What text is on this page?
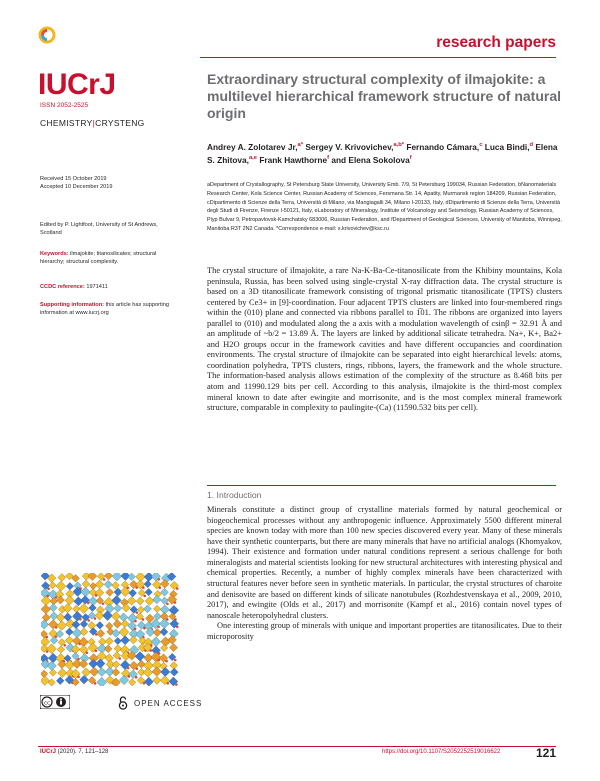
research papers
IUCrJ
ISSN 2052-2525
CHEMISTRY|CRYSTENG
Extraordinary structural complexity of ilmajokite: a multilevel hierarchical framework structure of natural origin
Andrey A. Zolotarev Jr,$^{a*}$ Sergey V. Krivovichev,$^{a,b*}$ Fernando Cámara,$^c$ Luca Bindi,$^d$ Elena S. Zhitova,$^{a,e}$ Frank Hawthorne$^f$ and Elena Sokolova$^f$
aDepartment of Crystallography, St Petersburg State University, University Emb. 7/9, St Petersburg 199034, Russian Federation, bNanomaterials Research Center, Kola Science Center, Russian Academy of Sciences, Fersmana Str. 14, Apatity, Murmansk region 184209, Russian Federation, cDipartimento di Scienze della Terra, Università di Milano, via Mangiagalli 34, Milano I-20133, Italy, dDipartimento di Scienze della Terra, Università degli Studi di Firenze, Firenze I-50121, Italy, eLaboratory of Mineralogy, Institute of Volcanology and Seismology, Russian Academy of Sciences, Piyp Bulvar 9, Petropavlovsk-Kamchatsky 683006, Russian Federation, and fDepartment of Geological Sciences, University of Manitoba, Winnipeg, Manitoba R3T 2N2 Canada. *Correspondence e-mail: s.krivovichev@ksc.ru
Received 15 October 2019
Accepted 10 December 2019
Edited by P. Lightfoot, University of St Andrews, Scotland
Keywords: ilmajokite; titanosilicates; structural hierarchy; structural complexity.
CCDC reference: 1971411
Supporting information: this article has supporting information at www.iucrj.org

The crystal structure of ilmajokite, a rare Na-K-Ba-Ce-titanosilicate from the Khibiny mountains, Kola peninsula, Russia, has been solved using single-crystal X-ray diffraction data. The crystal structure is based on a 3D titanosilicate framework consisting of trigonal prismatic titanosilicate (TPTS) clusters centered by Ce3+ in [9]-coordination. Four adjacent TPTS clusters are linked into four-membered rings within the (010) plane and connected via ribbons parallel to 1̅01. The ribbons are organized into layers parallel to (010) and modulated along the a axis with a modulation wavelength of csinβ = 32.91 Å and an amplitude of ~b/2 = 13.89 Å. The layers are linked by additional silicate tetrahedra. Na+, K+, Ba2+ and H2O groups occur in the framework cavities and have different occupancies and coordination environments. The crystal structure of ilmajokite can be separated into eight hierarchical levels: atoms, coordination polyhedra, TPTS clusters, rings, ribbons, layers, the framework and the whole structure. The information-based analysis allows estimation of the complexity of the structure as 8.468 bits per atom and 11990.129 bits per cell. According to this analysis, ilmajokite is the third-most complex mineral known to date after ewingite and morrisonite, and is the most complex mineral framework structure, comparable in complexity to paulingite-(Ca) (11590.532 bits per cell).

1. Introduction

Minerals constitute a distinct group of crystalline materials formed by natural geochemical or biogeochemical processes without any anthropogenic influence. Approximately 5500 different mineral species are known today with more than 100 new species discovered every year. Many of these minerals have their synthetic counterparts, but there are many minerals that have no artificial analogs (Khomyakov, 1994). Their existence and formation under natural conditions represent a serious challenge for both mineralogists and material scientists looking for new structural architectures with interesting physical and chemical properties. Recently, a number of highly complex minerals have been characterized with structural features never before seen in synthetic materials. In particular, the crystal structures of charoite and denisovite are based on different kinds of silicate nanotubules (Rozhdestvenskaya et al., 2009, 2010, 2017), and ewingite (Olds et al., 2017) and morrisonite (Kampf et al., 2016) contain novel types of nanoscale heteropolyhedral clusters.

One interesting group of minerals with unique and important properties are titanosilicates. Due to their microporosity

cc	OPEN ACCESS
IUCrJ (2020). 7, 121–128	https://doi.org/10.1107/S2052252519016622	121
